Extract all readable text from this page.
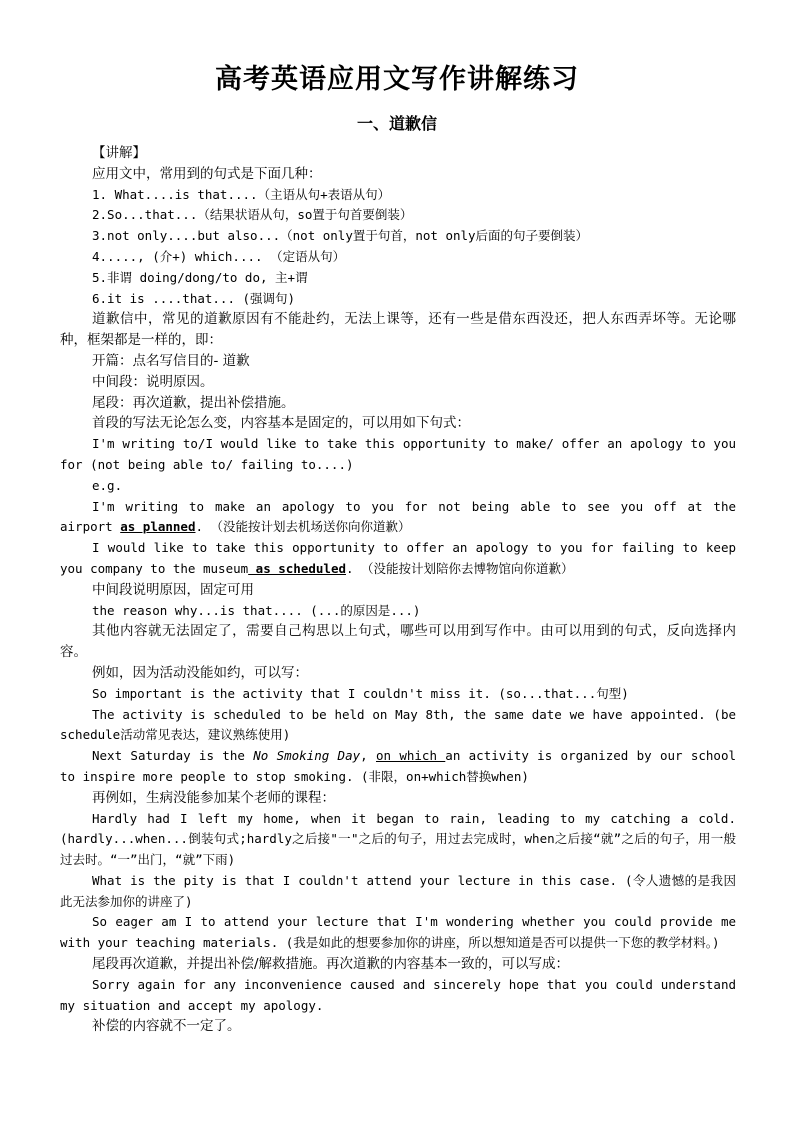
高考英语应用文写作讲解练习
一、道歉信

【讲解】

应用文中，常用到的句式是下面几种：

1. What....is that....（主语从句+表语从句）

2.So...that...（结果状语从句，so置于句首要倒装）

3.not only....but also...（not only置于句首，not only后面的句子要倒装）

4....., (介+) which.... （定语从句）

5.非谓 doing/dong/to do, 主+谓

6.it is ....that... (强调句)

道歉信中，常见的道歉原因有不能赴约，无法上课等，还有一些是借东西没还，把人东西弄坏等。无论哪种，框架都是一样的，即：

开篇：点名写信目的- 道歉

中间段：说明原因。

尾段：再次道歉，提出补偿措施。

首段的写法无论怎么变，内容基本是固定的，可以用如下句式：

I'm writing to/I would like to take this opportunity to make/ offer an apology to you for (not being able to/ failing to....)

e.g.

I'm writing to make an apology to you for not being able to see you off at the airport as planned. （没能按计划去机场送你向你道歉）

I would like to take this opportunity to offer an apology to you for failing to keep you company to the museum as scheduled. （没能按计划陪你去博物馆向你道歉）

中间段说明原因，固定可用

the reason why...is that.... (...的原因是...)

其他内容就无法固定了，需要自己构思以上句式，哪些可以用到写作中。由可以用到的句式，反向选择内容。

例如，因为活动没能如约，可以写：

So important is the activity that I couldn't miss it. (so...that...句型)

The activity is scheduled to be held on May 8th, the same date we have appointed. (be schedule活动常见表达，建议熟练使用)

Next Saturday is the No Smoking Day, on which an activity is organized by our school to inspire more people to stop smoking. (非限，on+which替换when)

再例如，生病没能参加某个老师的课程：

Hardly had I left my home, when it began to rain, leading to my catching a cold. (hardly...when...倒装句式;hardly之后接"一"之后的句子，用过去完成时，when之后接“就”之后的句子，用一般过去时。“一”出门，“就”下雨)

What is the pity is that I couldn't attend your lecture in this case. (令人遗憾的是我因此无法参加你的讲座了)

So eager am I to attend your lecture that I'm wondering whether you could provide me with your teaching materials. (我是如此的想要参加你的讲座，所以想知道是否可以提供一下您的教学材料。)

尾段再次道歉，并提出补偿/解救措施。再次道歉的内容基本一致的，可以写成：

Sorry again for any inconvenience caused and sincerely hope that you could understand my situation and accept my apology.

补偿的内容就不一定了。
